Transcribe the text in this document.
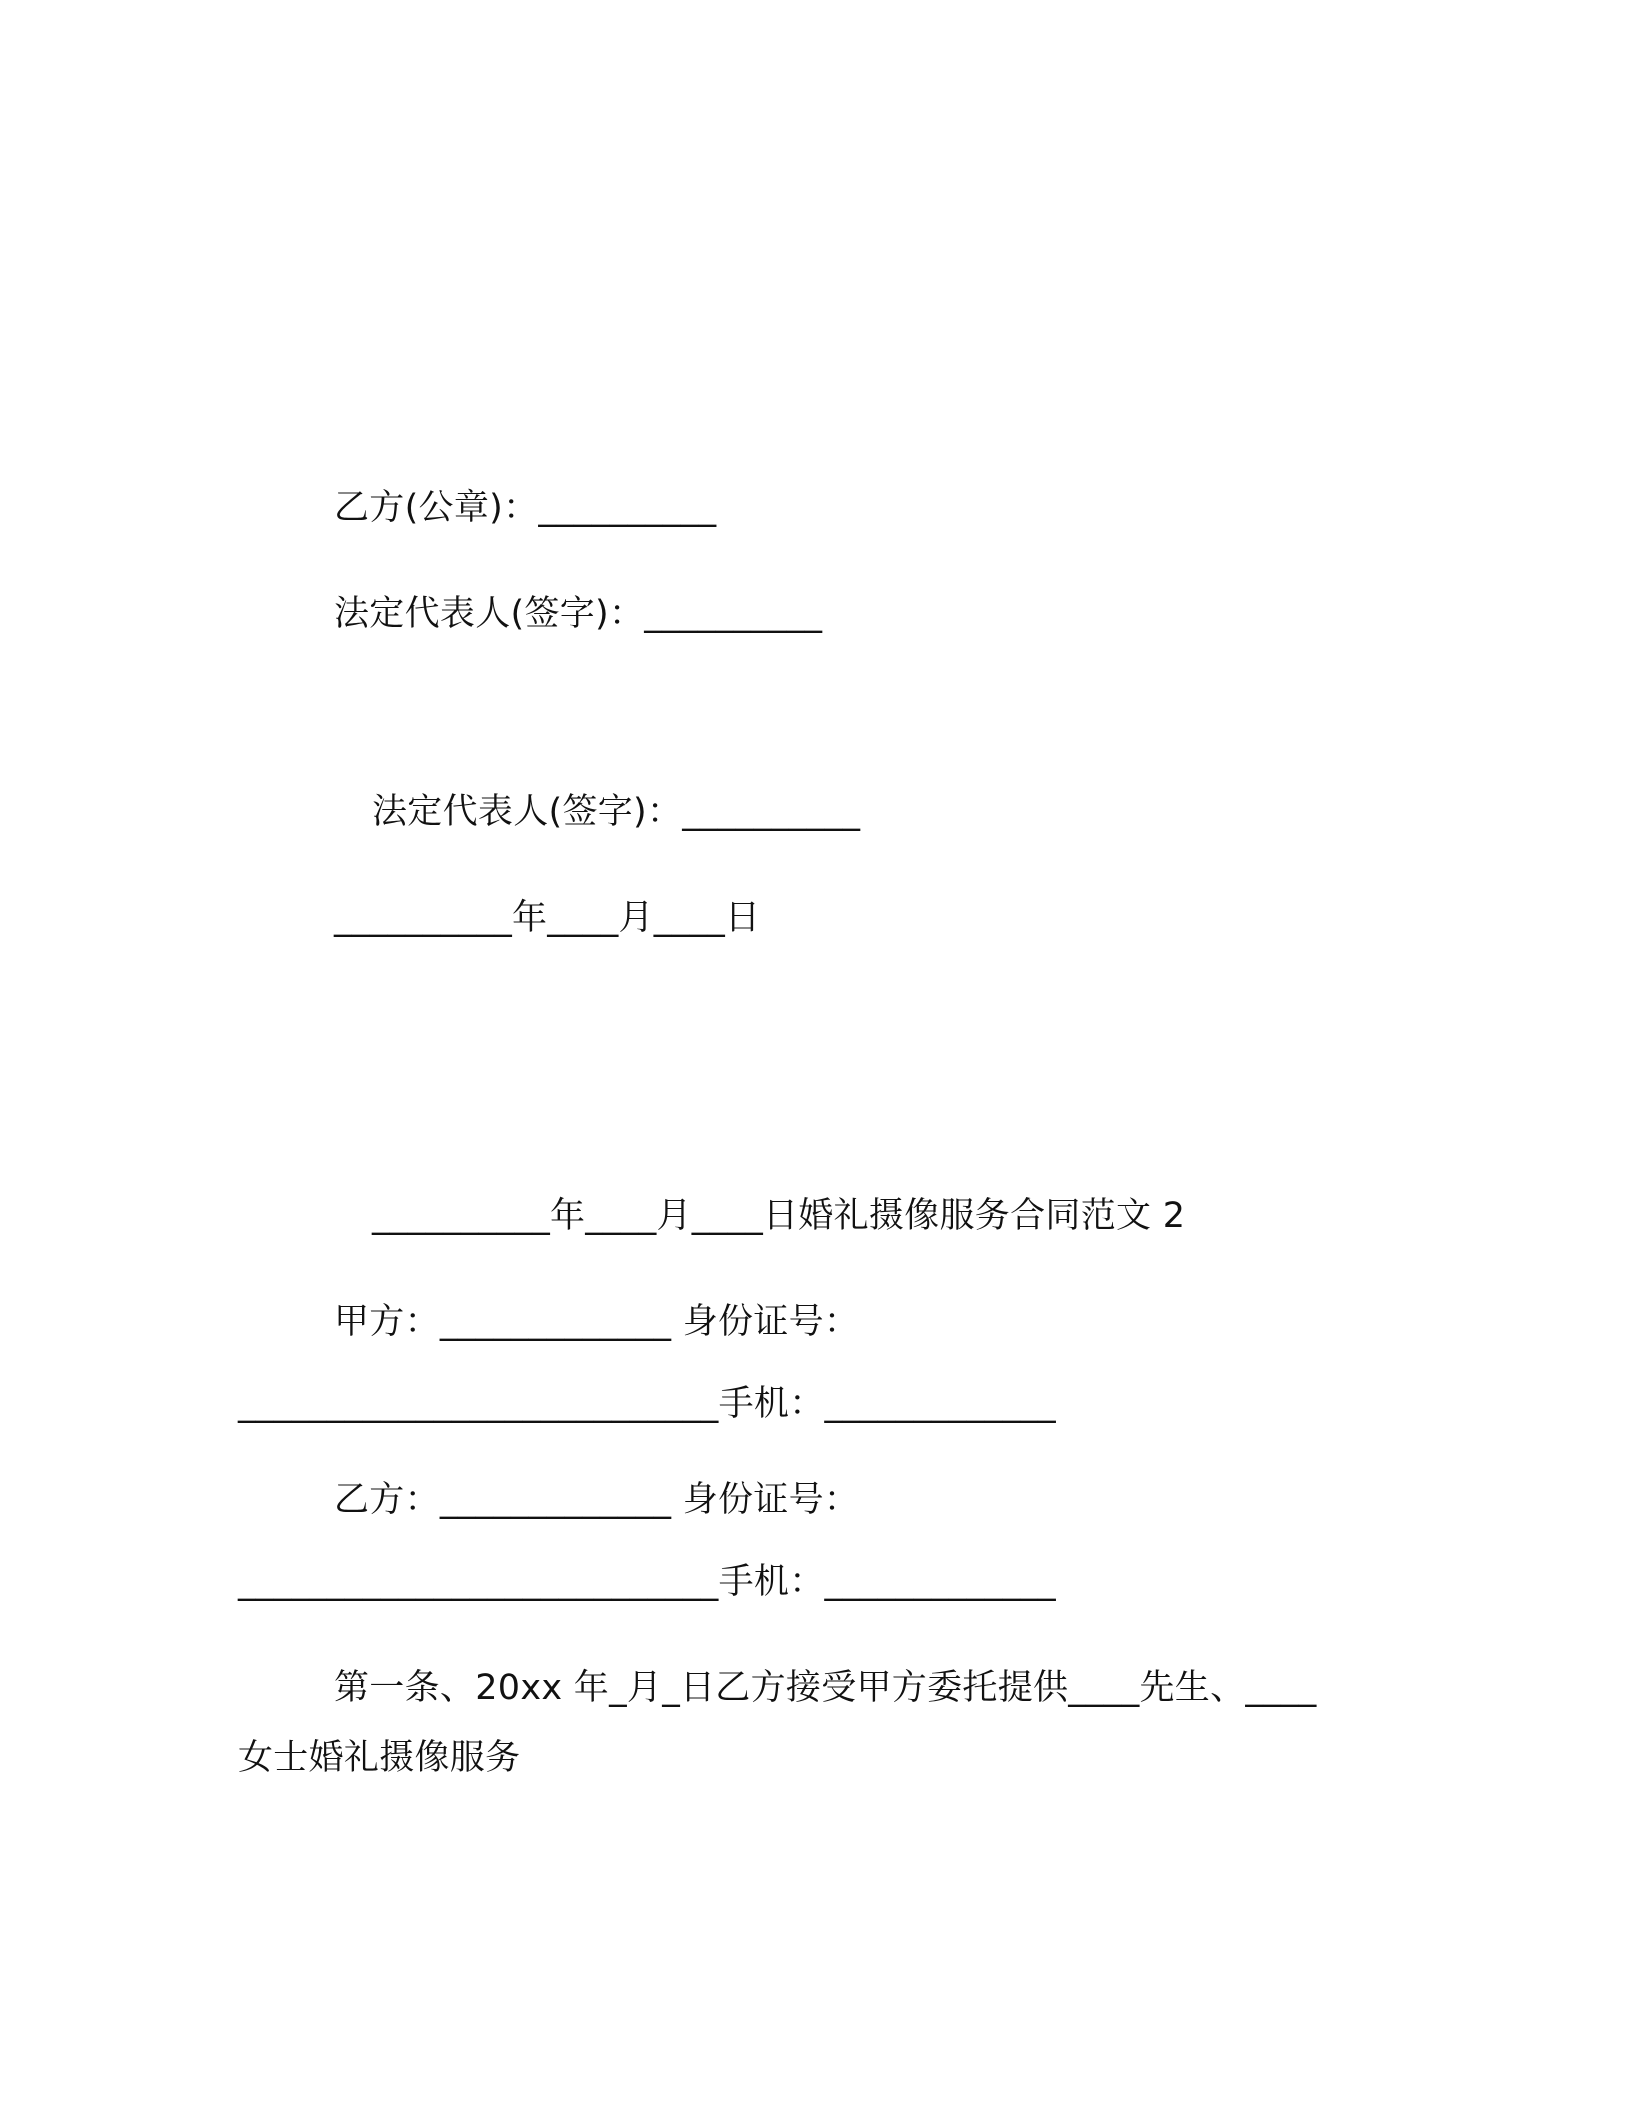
乙方(公章)：__________
法定代表人(签字)：__________
法定代表人(签字)：__________
__________年____月____日
__________年____月____日婚礼摄像服务合同范文 2
甲方：_____________ 身份证号：
___________________________手机：_____________
乙方：_____________ 身份证号：
___________________________手机：_____________
第一条、20xx 年_月_日乙方接受甲方委托提供____先生、____
女士婚礼摄像服务
